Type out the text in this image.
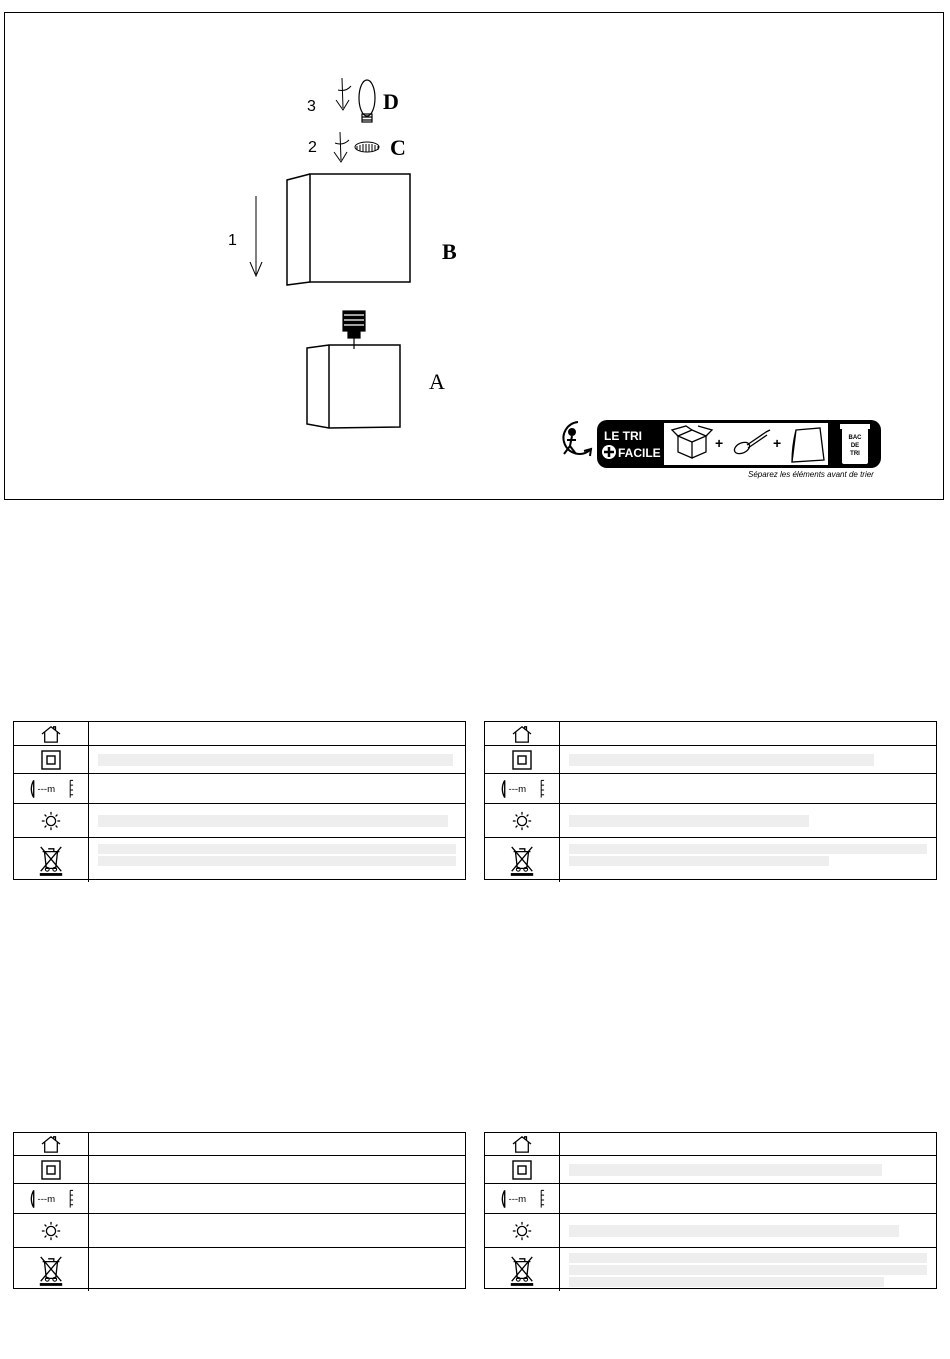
3	D
2	C
1	B
A
LE TRI
FACILE
+	+	BAC
DE
TRI
Séparez les éléments avant de trier
